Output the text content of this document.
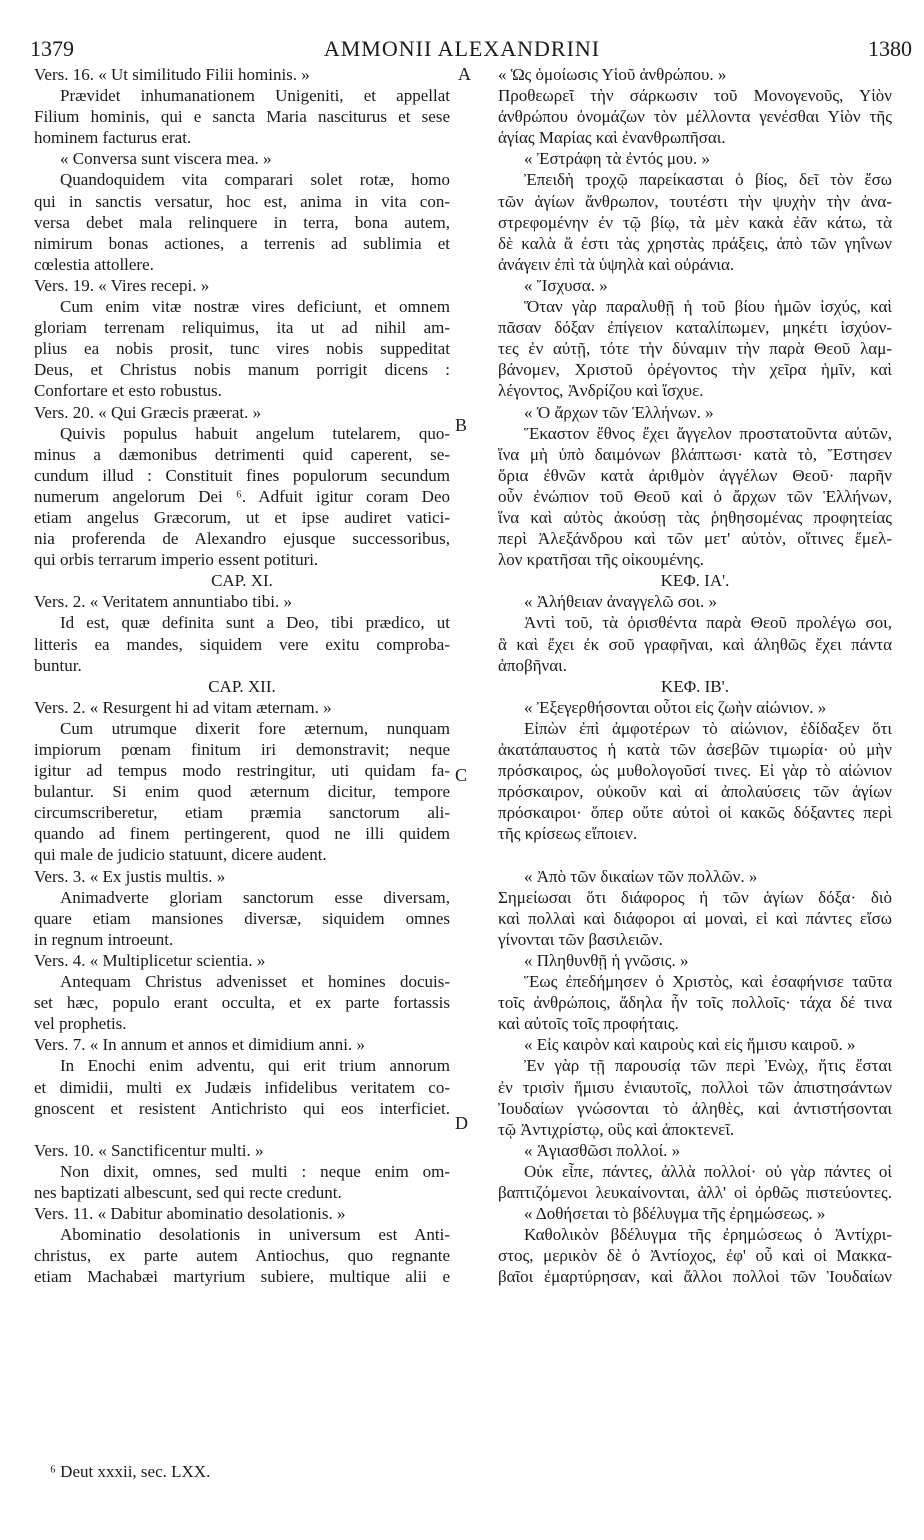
1379	AMMONII ALEXANDRINI	1380
Vers. 16. « Ut similitudo Filii hominis. »
Prævidet inhumanationem Unigeniti, et appellat
Filium hominis, qui e sancta Maria nasciturus et sese
hominem facturus erat.
« Conversa sunt viscera mea. »
Quandoquidem vita comparari solet rotæ, homo
qui in sanctis versatur, hoc est, anima in vita con-
versa debet mala relinquere in terra, bona autem,
nimirum bonas actiones, a terrenis ad sublimia et
cœlestia attollere.
Vers. 19. « Vires recepi. »
Cum enim vitæ nostræ vires deficiunt, et omnem
gloriam terrenam reliquimus, ita ut ad nihil am-
plius ea nobis prosit, tunc vires nobis suppeditat
Deus, et Christus nobis manum porrigit dicens :
Confortare et esto robustus.
Vers. 20. « Qui Græcis præerat. »
Quivis populus habuit angelum tutelarem, quo-
minus a dæmonibus detrimenti quid caperent, se-
cundum illud : Constituit fines populorum secundum
numerum angelorum Dei ⁶. Adfuit igitur coram Deo
etiam angelus Græcorum, ut et ipse audiret vatici-
nia proferenda de Alexandro ejusque successoribus,
qui orbis terrarum imperio essent potituri.
CAP. XI.
Vers. 2. « Veritatem annuntiabo tibi. »
Id est, quæ definita sunt a Deo, tibi prædico, ut
litteris ea mandes, siquidem vere exitu comproba-
buntur.
CAP. XII.
Vers. 2. « Resurgent hi ad vitam æternam. »
Cum utrumque dixerit fore æternum, nunquam
impiorum pœnam finitum iri demonstravit; neque
igitur ad tempus modo restringitur, uti quidam fa-
bulantur. Si enim quod æternum dicitur, tempore
circumscriberetur, etiam præmia sanctorum ali-
quando ad finem pertingerent, quod ne illi quidem
qui male de judicio statuunt, dicere audent.
Vers. 3. « Ex justis multis. »
Animadverte gloriam sanctorum esse diversam,
quare etiam mansiones diversæ, siquidem omnes
in regnum introeunt.
Vers. 4. « Multiplicetur scientia. »
Antequam Christus advenisset et homines docuis-
set hæc, populo erant occulta, et ex parte fortassis
vel prophetis.
Vers. 7. « In annum et annos et dimidium anni. »
In Enochi enim adventu, qui erit trium annorum
et dimidii, multi ex Judæis infidelibus veritatem co-
gnoscent et resistent Antichristo qui eos interficiet.
Vers. 10. « Sanctificentur multi. »
Non dixit, omnes, sed multi : neque enim om-
nes baptizati albescunt, sed qui recte credunt.
Vers. 11. « Dabitur abominatio desolationis. »
Abominatio desolationis in universum est Anti-
christus, ex parte autem Antiochus, quo regnante
etiam Machabæi martyrium subiere, multique alii e
« Ὡς ὁμοίωσις Υἱοῦ ἀνθρώπου. »
Προθεωρεῖ τὴν σάρκωσιν τοῦ Μονογενοῦς, Υἱὸν
ἀνθρώπου ὀνομάζων τὸν μέλλοντα γενέσθαι Υἱὸν τῆς
ἁγίας Μαρίας καὶ ἐνανθρωπῆσαι.
« Ἐστράφη τὰ ἐντός μου. »
Ἐπειδὴ τροχῷ παρείκασται ὁ βίος, δεῖ τὸν ἔσω
τῶν ἁγίων ἄνθρωπον, τουτέστι τὴν ψυχὴν τὴν ἀνα-
στρεφομένην ἐν τῷ βίῳ, τὰ μὲν κακὰ ἐᾶν κάτω, τὰ
δὲ καλὰ ἅ ἐστι τὰς χρηστὰς πράξεις, ἀπὸ τῶν γηΐνων
ἀνάγειν ἐπὶ τὰ ὑψηλὰ καὶ οὐράνια.
« Ἴσχυσα. »
Ὅταν γὰρ παραλυθῇ ἡ τοῦ βίου ἡμῶν ἰσχύς, καὶ
πᾶσαν δόξαν ἐπίγειον καταλίπωμεν, μηκέτι ἰσχύον-
τες ἐν αὐτῇ, τότε τὴν δύναμιν τὴν παρὰ Θεοῦ λαμ-
βάνομεν, Χριστοῦ ὀρέγοντος τὴν χεῖρα ἡμῖν, καὶ
λέγοντος, Ἀνδρίζου καὶ ἴσχυε.
« Ὁ ἄρχων τῶν Ἑλλήνων. »
Ἕκαστον ἔθνος ἔχει ἄγγελον προστατοῦντα αὐτῶν,
ἵνα μὴ ὑπὸ δαιμόνων βλάπτωσι· κατὰ τὸ, Ἔστησεν
ὅρια ἐθνῶν κατὰ ἀριθμὸν ἀγγέλων Θεοῦ· παρῆν
οὖν ἐνώπιον τοῦ Θεοῦ καὶ ὁ ἄρχων τῶν Ἑλλήνων,
ἵνα καὶ αὐτὸς ἀκούσῃ τὰς ῥηθησομένας προφητείας
περὶ Ἀλεξάνδρου καὶ τῶν μετ' αὐτὸν, οἵτινες ἔμελ-
λον κρατῆσαι τῆς οἰκουμένης.
ΚΕΦ. ΙΑ'.
« Ἀλήθειαν ἀναγγελῶ σοι. »
Ἀντὶ τοῦ, τὰ ὁρισθέντα παρὰ Θεοῦ προλέγω σοι,
ἃ καὶ ἔχει ἐκ σοῦ γραφῆναι, καὶ ἀληθῶς ἔχει πάντα
ἀποβῆναι.
ΚΕΦ. ΙΒ'.
« Ἐξεγερθήσονται οὗτοι εἰς ζωὴν αἰώνιον. »
Εἰπὼν ἐπὶ ἀμφοτέρων τὸ αἰώνιον, ἐδίδαξεν ὅτι
ἀκατάπαυστος ἡ κατὰ τῶν ἀσεβῶν τιμωρία· οὐ μὴν
πρόσκαιρος, ὡς μυθολογοῦσί τινες. Εἰ γὰρ τὸ αἰώνιον
πρόσκαιρον, οὐκοῦν καὶ αἱ ἀπολαύσεις τῶν ἁγίων
πρόσκαιροι· ὅπερ οὔτε αὐτοὶ οἱ κακῶς δόξαντες περὶ
τῆς κρίσεως εἴποιεν.
« Ἀπὸ τῶν δικαίων τῶν πολλῶν. »
Σημείωσαι ὅτι διάφορος ἡ τῶν ἁγίων δόξα· διὸ
καὶ πολλαὶ καὶ διάφοροι αἱ μοναὶ, εἰ καὶ πάντες εἴσω
γίνονται τῶν βασιλειῶν.
« Πληθυνθῇ ἡ γνῶσις. »
Ἕως ἐπεδήμησεν ὁ Χριστὸς, καὶ ἐσαφήνισε ταῦτα
τοῖς ἀνθρώποις, ἄδηλα ἦν τοῖς πολλοῖς· τάχα δέ τινα
καὶ αὐτοῖς τοῖς προφήταις.
« Εἰς καιρὸν καὶ καιροὺς καὶ εἰς ἥμισυ καιροῦ. »
Ἐν γὰρ τῇ παρουσίᾳ τῶν περὶ Ἐνὼχ, ἥτις ἔσται
ἐν τρισὶν ἥμισυ ἐνιαυτοῖς, πολλοὶ τῶν ἀπιστησάντων
Ἰουδαίων γνώσονται τὸ ἀληθὲς, καὶ ἀντιστήσονται
τῷ Ἀντιχρίστῳ, οὓς καὶ ἀποκτενεῖ.
« Ἁγιασθῶσι πολλοί. »
Οὐκ εἶπε, πάντες, ἀλλὰ πολλοί· οὐ γὰρ πάντες οἱ
βαπτιζόμενοι λευκαίνονται, ἀλλ' οἱ ὀρθῶς πιστεύοντες.
« Δοθήσεται τὸ βδέλυγμα τῆς ἐρημώσεως. »
Καθολικὸν βδέλυγμα τῆς ἐρημώσεως ὁ Ἀντίχρι-
στος, μερικὸν δὲ ὁ Ἀντίοχος, ἐφ' οὗ καὶ οἱ Μακκα-
βαῖοι ἐμαρτύρησαν, καὶ ἄλλοι πολλοὶ τῶν Ἰουδαίων
A
B
C
D
⁶ Deut xxxii, sec. LXX.
